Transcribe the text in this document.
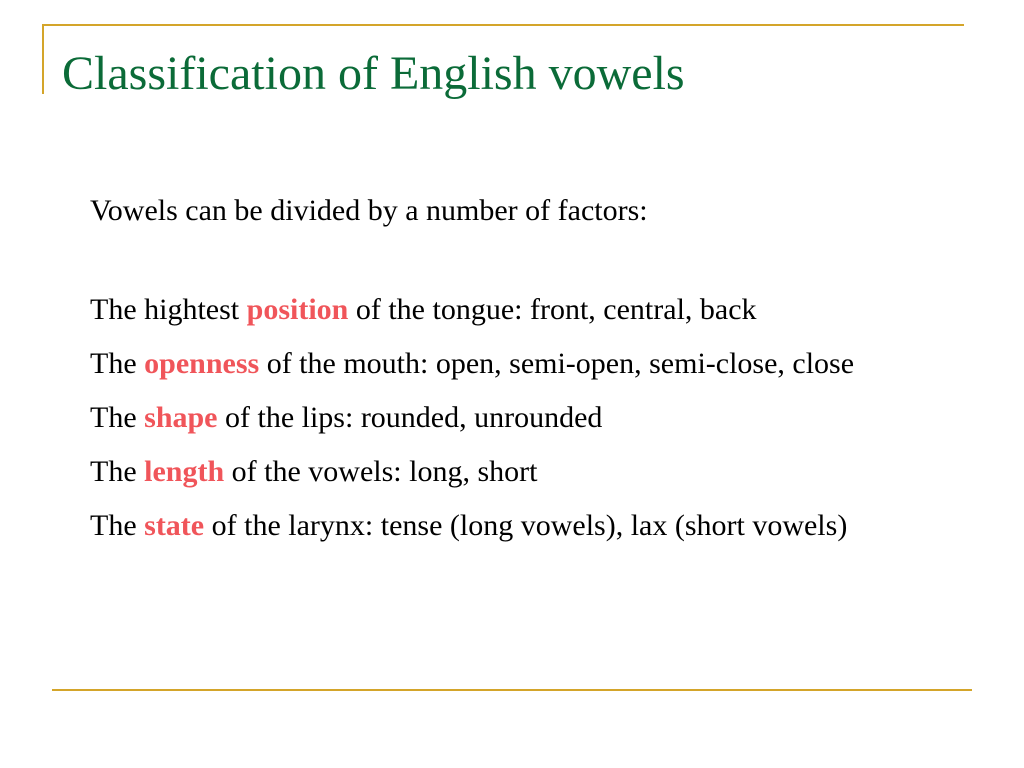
Classification of English vowels

Vowels can be divided by a number of factors:

The hightest position of the tongue: front, central, back

The openness of the mouth: open, semi-open, semi-close, close

The shape of the lips: rounded, unrounded

The length of the vowels: long, short

The state of the larynx: tense (long vowels), lax (short vowels)
